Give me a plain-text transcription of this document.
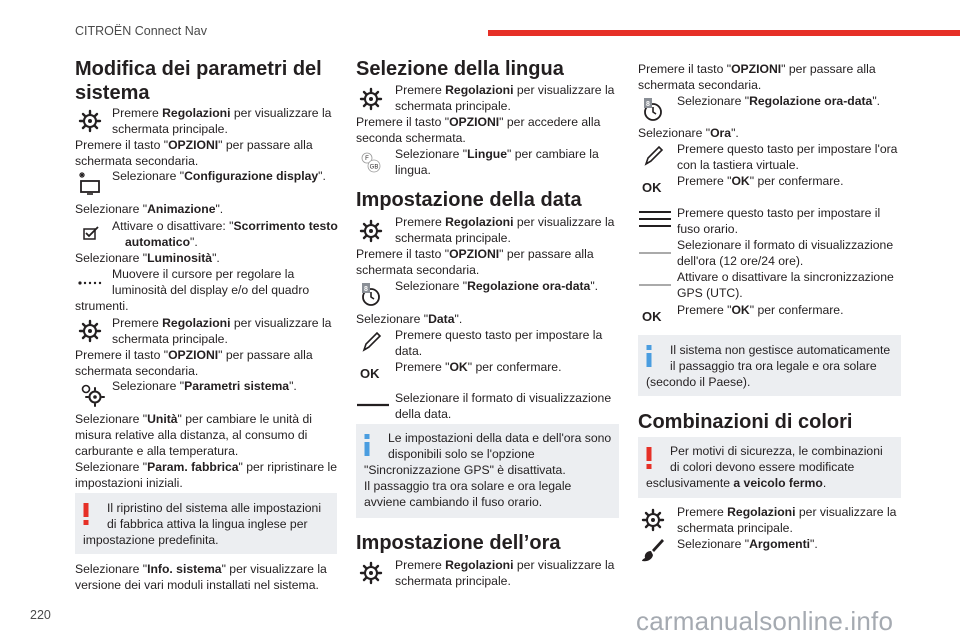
CITROËN Connect Nav
Modifica dei parametri del
sistema
Premere Regolazioni per visualizzare la
schermata principale.
Premere il tasto "OPZIONI" per passare alla
schermata secondaria.
Selezionare "Configurazione display".
Selezionare "Animazione".
Attivare o disattivare: "Scorrimento testo
automatico".
Selezionare "Luminosità".
Muovere il cursore per regolare la
luminosità del display e/o del quadro
strumenti.
Premere Regolazioni per visualizzare la
schermata principale.
Premere il tasto "OPZIONI" per passare alla
schermata secondaria.
Selezionare "Parametri sistema".
Selezionare "Unità" per cambiare le unità di
misura relative alla distanza, al consumo di
carburante e alla temperatura.
Selezionare "Param. fabbrica" per ripristinare le
impostazioni iniziali.
Il ripristino del sistema alle impostazioni
di fabbrica attiva la lingua inglese per
impostazione predefinita.
Selezionare "Info. sistema" per visualizzare la
versione dei vari moduli installati nel sistema.
Selezione della lingua
Premere Regolazioni per visualizzare la
schermata principale.
Premere il tasto "OPZIONI" per accedere alla
seconda schermata.
F
GB
Selezionare "Lingue" per cambiare la
lingua.
Impostazione della data
Premere Regolazioni per visualizzare la
schermata principale.
Premere il tasto "OPZIONI" per passare alla
schermata secondaria.
8 Selezionare "Regolazione ora-data".
Selezionare "Data".
Premere questo tasto per impostare la
data.
OK Premere "OK" per confermare.
Selezionare il formato di visualizzazione
della data.
Le impostazioni della data e dell'ora sono
disponibili solo se l'opzione
"Sincronizzazione GPS" è disattivata.
Il passaggio tra ora solare e ora legale
avviene cambiando il fuso orario.
Impostazione dell’ora
Premere Regolazioni per visualizzare la
schermata principale.
Premere il tasto "OPZIONI" per passare alla
schermata secondaria.
8 Selezionare "Regolazione ora-data".
Selezionare "Ora".
Premere questo tasto per impostare l'ora
con la tastiera virtuale.
OK Premere "OK" per confermare.
Premere questo tasto per impostare il
fuso orario.
Selezionare il formato di visualizzazione
dell'ora (12 ore/24 ore).
Attivare o disattivare la sincronizzazione
GPS (UTC).
OK Premere "OK" per confermare.
Il sistema non gestisce automaticamente
il passaggio tra ora legale e ora solare
(secondo il Paese).
Combinazioni di colori
Per motivi di sicurezza, le combinazioni
di colori devono essere modificate
esclusivamente a veicolo fermo.
Premere Regolazioni per visualizzare la
schermata principale.
Selezionare "Argomenti".
220	carmanualsonline.info
